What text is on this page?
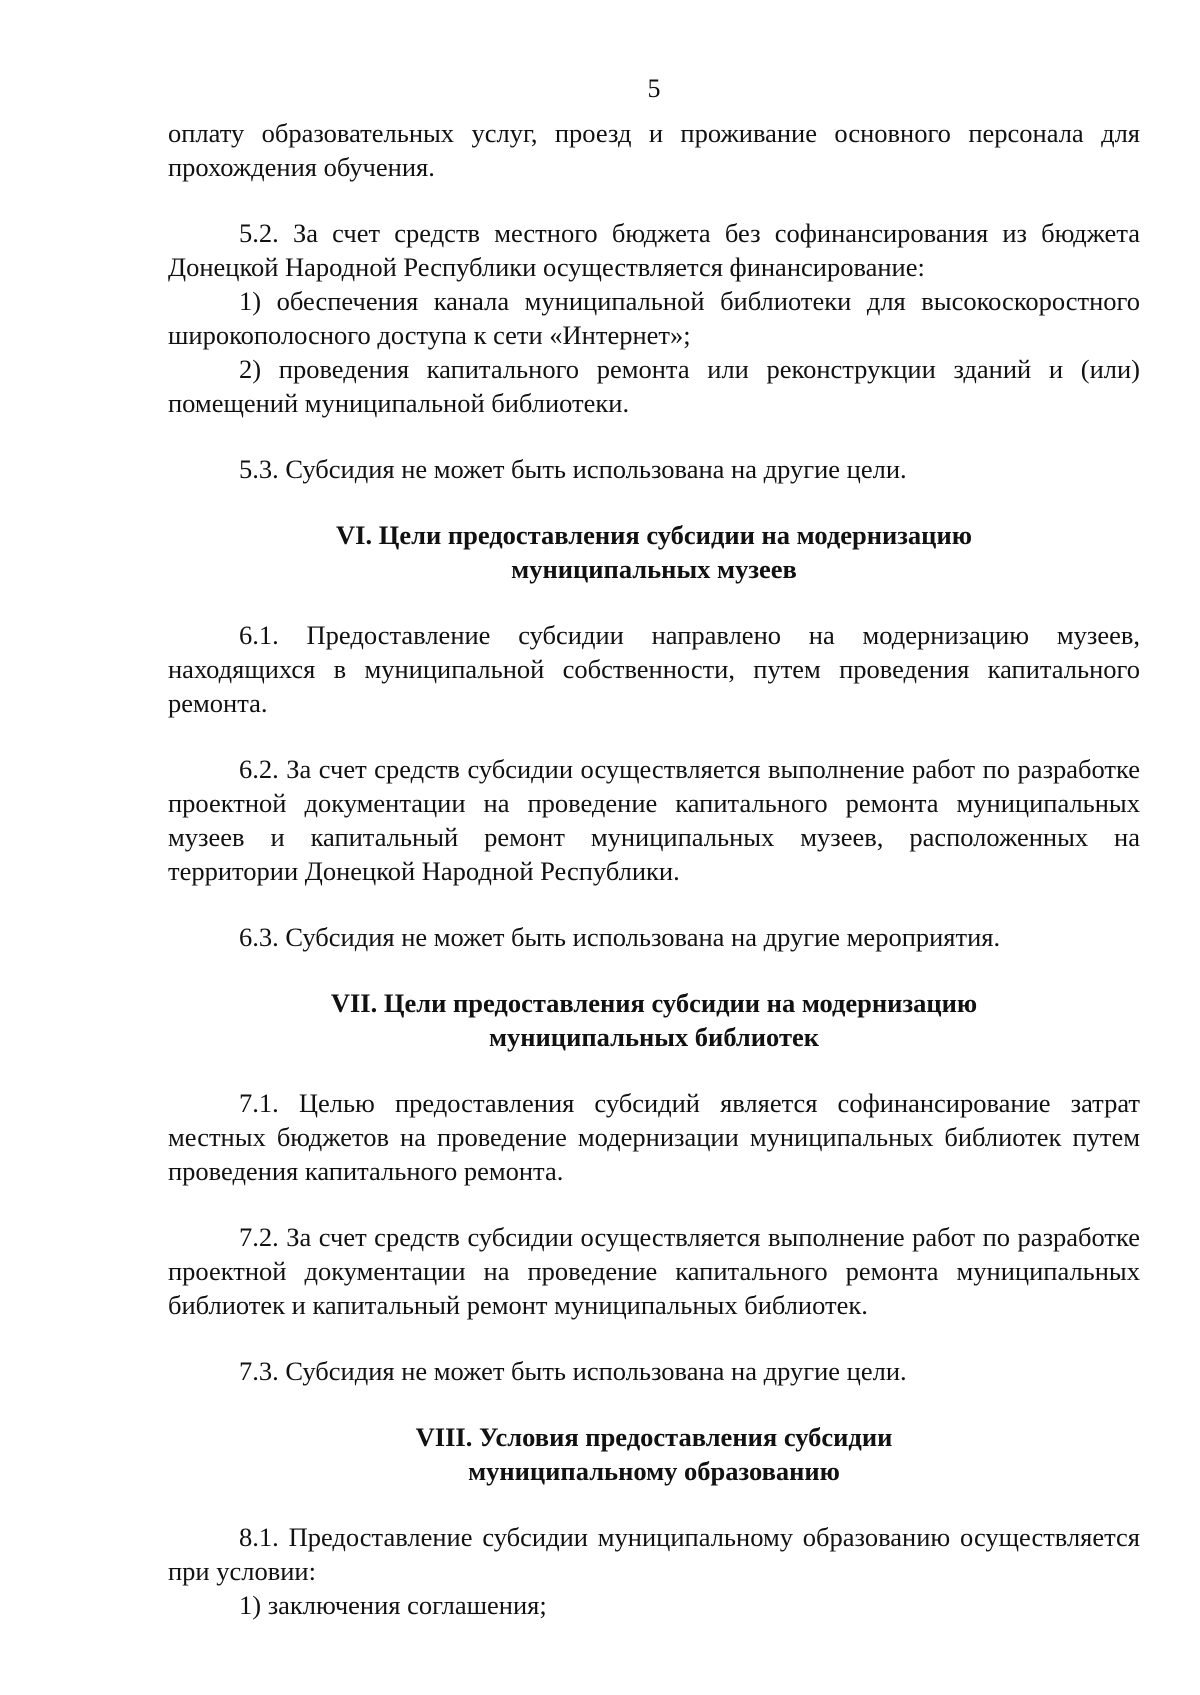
5

оплату образовательных услуг, проезд и проживание основного персонала для прохождения обучения.

5.2. За счет средств местного бюджета без софинансирования из бюджета Донецкой Народной Республики осуществляется финансирование:

1) обеспечения канала муниципальной библиотеки для высокоскоростного широкополосного доступа к сети «Интернет»;

2) проведения капитального ремонта или реконструкции зданий и (или) помещений муниципальной библиотеки.

5.3. Субсидия не может быть использована на другие цели.

VI. Цели предоставления субсидии на модернизацию
муниципальных музеев

6.1. Предоставление субсидии направлено на модернизацию музеев, находящихся в муниципальной собственности, путем проведения капитального ремонта.

6.2. За счет средств субсидии осуществляется выполнение работ по разработке проектной документации на проведение капитального ремонта муниципальных музеев и капитальный ремонт муниципальных музеев, расположенных на территории Донецкой Народной Республики.

6.3. Субсидия не может быть использована на другие мероприятия.

VII. Цели предоставления субсидии на модернизацию
муниципальных библиотек

7.1. Целью предоставления субсидий является софинансирование затрат местных бюджетов на проведение модернизации муниципальных библиотек путем проведения капитального ремонта.

7.2. За счет средств субсидии осуществляется выполнение работ по разработке проектной документации на проведение капитального ремонта муниципальных библиотек и капитальный ремонт муниципальных библиотек.

7.3. Субсидия не может быть использована на другие цели.

VIII. Условия предоставления субсидии
муниципальному образованию

8.1. Предоставление субсидии муниципальному образованию осуществляется при условии:

1) заключения соглашения;
